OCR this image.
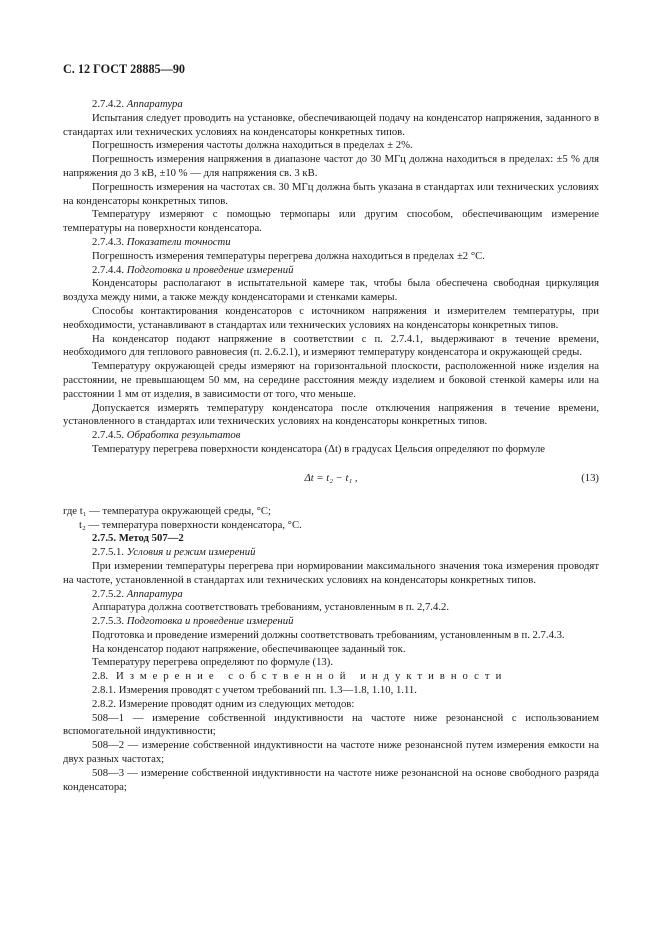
С. 12 ГОСТ 28885—90

2.7.4.2. Аппаратура

Испытания следует проводить на установке, обеспечивающей подачу на конденсатор напряжения, заданного в стандартах или технических условиях на конденсаторы конкретных типов.

Погрешность измерения частоты должна находиться в пределах ± 2%.

Погрешность измерения напряжения в диапазоне частот до 30 МГц должна находиться в пределах: ±5 % для напряжения до 3 кВ, ±10 % — для напряжения св. 3 кВ.

Погрешность измерения на частотах св. 30 МГц должна быть указана в стандартах или технических условиях на конденсаторы конкретных типов.

Температуру измеряют с помощью термопары или другим способом, обеспечивающим измерение температуры на поверхности конденсатора.

2.7.4.3. Показатели точности

Погрешность измерения температуры перегрева должна находиться в пределах ±2 °С.

2.7.4.4. Подготовка и проведение измерений

Конденсаторы располагают в испытательной камере так, чтобы была обеспечена свободная циркуляция воздуха между ними, а также между конденсаторами и стенками камеры.

Способы контактирования конденсаторов с источником напряжения и измерителем температуры, при необходимости, устанавливают в стандартах или технических условиях на конденсаторы конкретных типов.

На конденсатор подают напряжение в соответствии с п. 2.7.4.1, выдерживают в течение времени, необходимого для теплового равновесия (п. 2.6.2.1), и измеряют температуру конденсатора и окружающей среды.

Температуру окружающей среды измеряют на горизонтальной плоскости, расположенной ниже изделия на расстоянии, не превышающем 50 мм, на середине расстояния между изделием и боковой стенкой камеры или на расстоянии 1 мм от изделия, в зависимости от того, что меньше.

Допускается измерять температуру конденсатора после отключения напряжения в течение времени, установленного в стандартах или технических условиях на конденсаторы конкретных типов.

2.7.4.5. Обработка результатов

Температуру перегрева поверхности конденсатора (Δt) в градусах Цельсия определяют по формуле

Δt = t₂ − t₁ ,	(13)

где t₁ — температура окружающей среды, °С;

t₂ — температура поверхности конденсатора, °С.

2.7.5. Метод 507—2

2.7.5.1. Условия и режим измерений

При измерении температуры перегрева при нормировании максимального значения тока измерения проводят на частоте, установленной в стандартах или технических условиях на конденсаторы конкретных типов.

2.7.5.2. Аппаратура

Аппаратура должна соответствовать требованиям, установленным в п. 2,7.4.2.

2.7.5.3. Подготовка и проведение измерений

Подготовка и проведение измерений должны соответствовать требованиям, установленным в п. 2.7.4.3.

На конденсатор подают напряжение, обеспечивающее заданный ток.

Температуру перегрева определяют по формуле (13).

2.8. Измерение собственной индуктивности

2.8.1. Измерения проводят с учетом требований пп. 1.3—1.8, 1.10, 1.11.

2.8.2. Измерение проводят одним из следующих методов:

508—1 — измерение собственной индуктивности на частоте ниже резонансной с использованием вспомогательной индуктивности;

508—2 — измерение собственной индуктивности на частоте ниже резонансной путем измерения емкости на двух разных частотах;

508—3 — измерение собственной индуктивности на частоте ниже резонансной на основе свободного разряда конденсатора;
